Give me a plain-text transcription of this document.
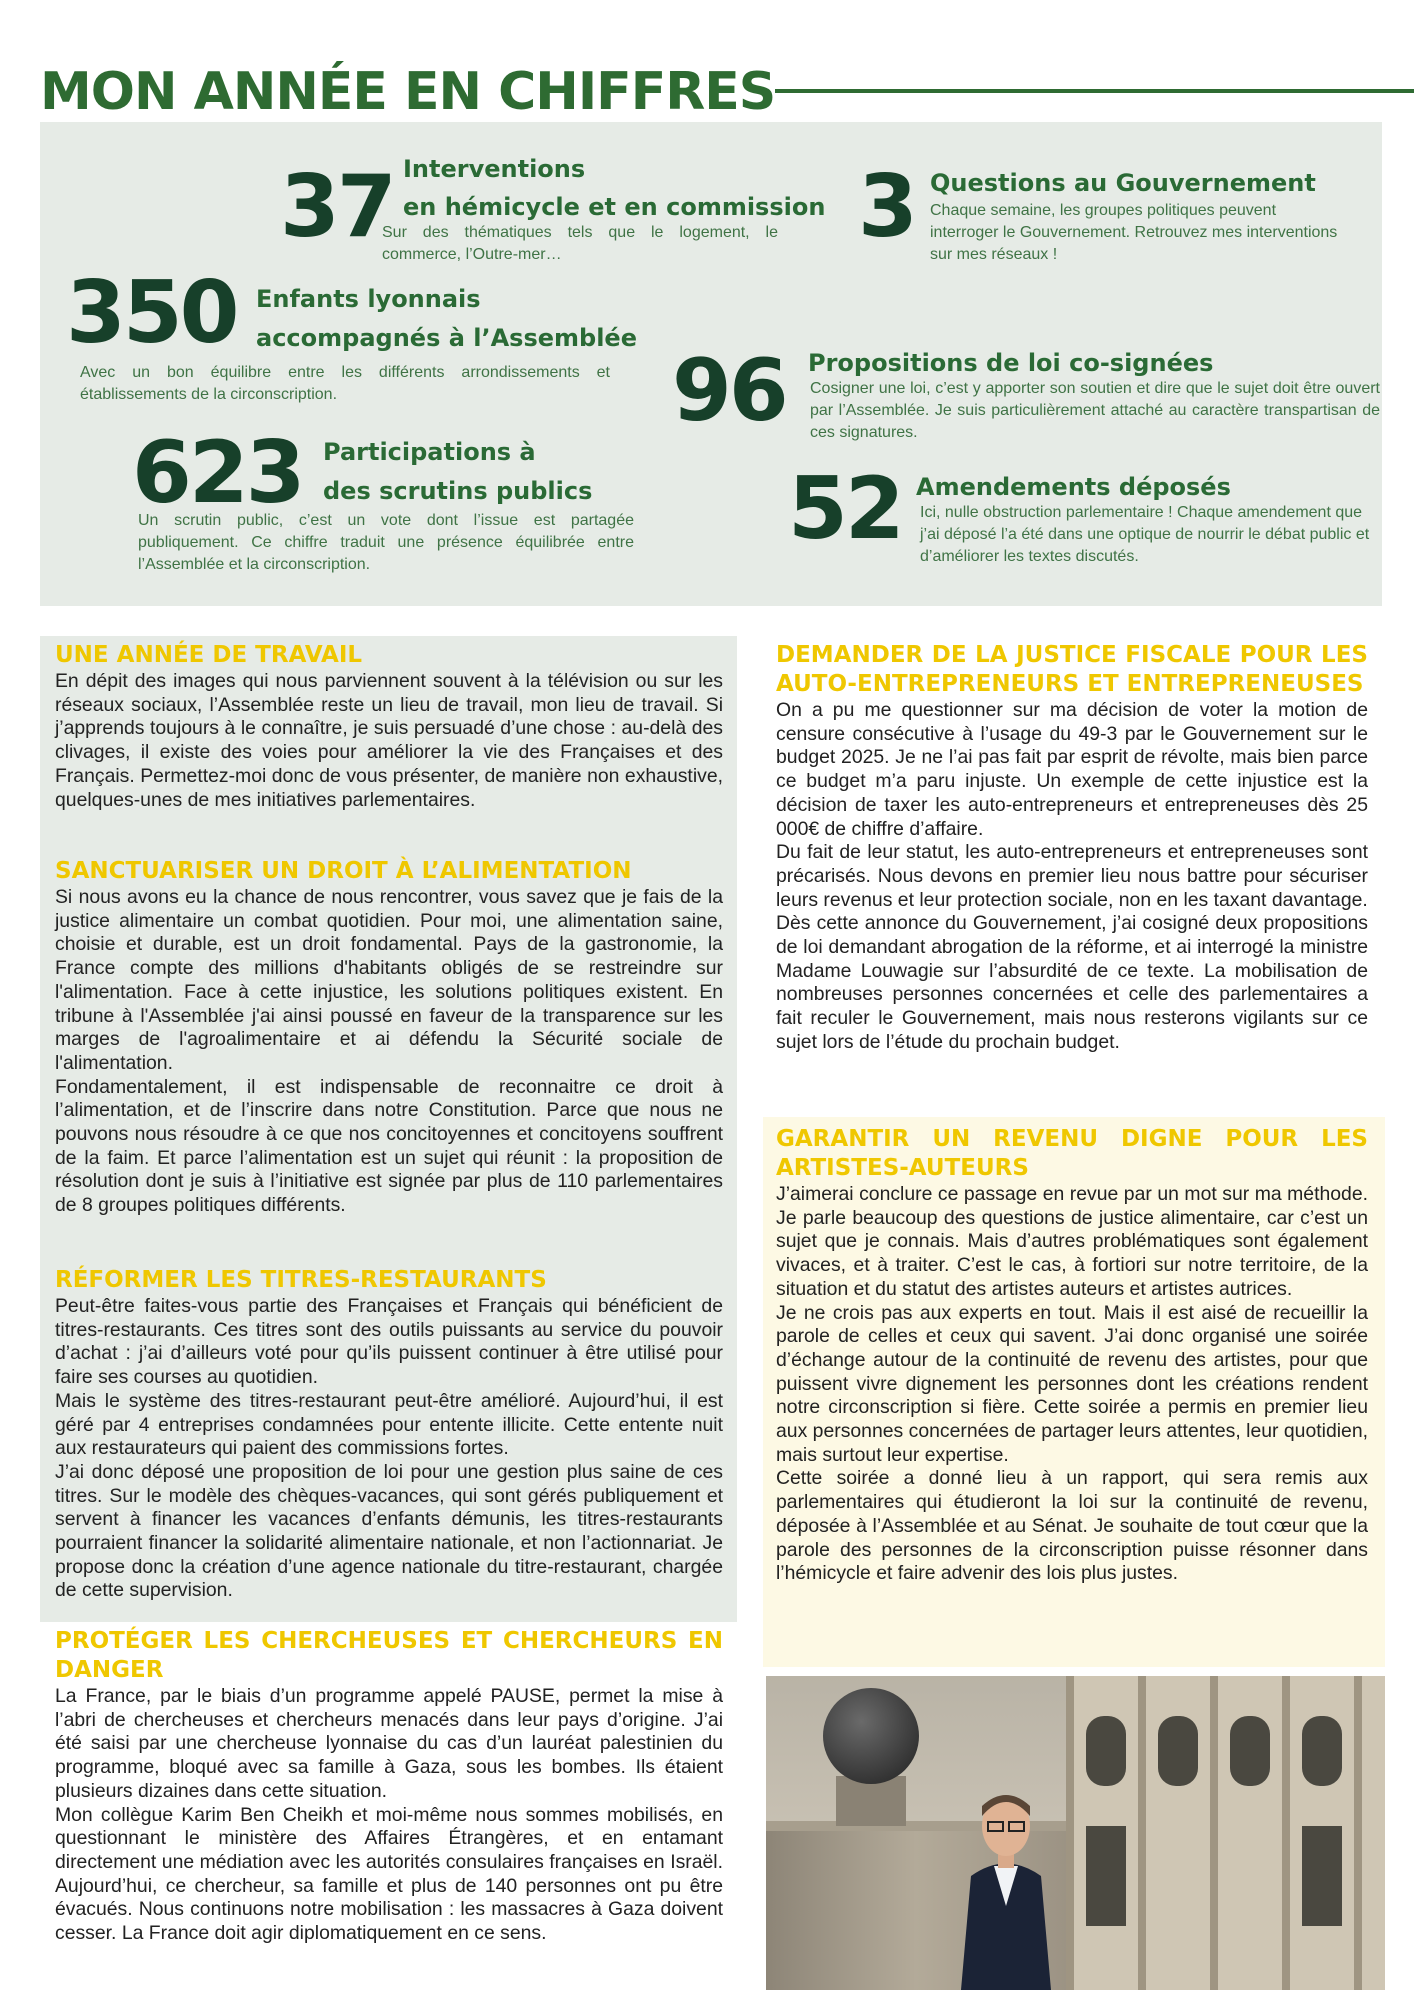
MON ANNÉE EN CHIFFRES
37 Interventions
en hémicycle et en commission
Sur des thématiques tels que le logement, le commerce, l’Outre-mer…	3 Questions au Gouvernement
Chaque semaine, les groupes politiques peuvent interroger le Gouvernement. Retrouvez mes interventions sur mes réseaux !
350 Enfants lyonnais
accompagnés à l’Assemblée
Avec un bon équilibre entre les différents arrondissements et établissements de la circonscription.	96 Propositions de loi co-signées
Cosigner une loi, c’est y apporter son soutien et dire que le sujet doit être ouvert par l’Assemblée. Je suis particulièrement attaché au caractère transpartisan de ces signatures.
623 Participations à
des scrutins publics
Un scrutin public, c’est un vote dont l’issue est partagée publiquement. Ce chiffre traduit une présence équilibrée entre l’Assemblée et la circonscription.
52 Amendements déposés
Ici, nulle obstruction parlementaire ! Chaque amendement que j’ai déposé l’a été dans une optique de nourrir le débat public et d’améliorer les textes discutés.
UNE ANNÉE DE TRAVAIL

En dépit des images qui nous parviennent souvent à la télévision ou sur les réseaux sociaux, l’Assemblée reste un lieu de travail, mon lieu de travail. Si j’apprends toujours à le connaître, je suis persuadé d’une chose : au-delà des clivages, il existe des voies pour améliorer la vie des Françaises et des Français. Permettez-moi donc de vous présenter, de manière non exhaustive, quelques-unes de mes initiatives parlementaires.

SANCTUARISER UN DROIT À L’ALIMENTATION

Si nous avons eu la chance de nous rencontrer, vous savez que je fais de la justice alimentaire un combat quotidien. Pour moi, une alimentation saine, choisie et durable, est un droit fondamental. Pays de la gastronomie, la France compte des millions d'habitants obligés de se restreindre sur l'alimentation. Face à cette injustice, les solutions politiques existent. En tribune à l'Assemblée j'ai ainsi poussé en faveur de la transparence sur les marges de l'agroalimentaire et ai défendu la Sécurité sociale de l'alimentation.

Fondamentalement, il est indispensable de reconnaitre ce droit à l’alimentation, et de l’inscrire dans notre Constitution. Parce que nous ne pouvons nous résoudre à ce que nos concitoyennes et concitoyens souffrent de la faim. Et parce l’alimentation est un sujet qui réunit : la proposition de résolution dont je suis à l’initiative est signée par plus de 110 parlementaires de 8 groupes politiques différents.

RÉFORMER LES TITRES-RESTAURANTS

Peut-être faites-vous partie des Françaises et Français qui bénéficient de titres-restaurants. Ces titres sont des outils puissants au service du pouvoir d’achat : j’ai d’ailleurs voté pour qu’ils puissent continuer à être utilisé pour faire ses courses au quotidien.

Mais le système des titres-restaurant peut-être amélioré. Aujourd’hui, il est géré par 4 entreprises condamnées pour entente illicite. Cette entente nuit aux restaurateurs qui paient des commissions fortes.

J’ai donc déposé une proposition de loi pour une gestion plus saine de ces titres. Sur le modèle des chèques-vacances, qui sont gérés publiquement et servent à financer les vacances d’enfants démunis, les titres-restaurants pourraient financer la solidarité alimentaire nationale, et non l’actionnariat. Je propose donc la création d’une agence nationale du titre-restaurant, chargée de cette supervision.

PROTÉGER LES CHERCHEUSES ET CHERCHEURS EN DANGER

La France, par le biais d’un programme appelé PAUSE, permet la mise à l’abri de chercheuses et chercheurs menacés dans leur pays d’origine. J’ai été saisi par une chercheuse lyonnaise du cas d’un lauréat palestinien du programme, bloqué avec sa famille à Gaza, sous les bombes. Ils étaient plusieurs dizaines dans cette situation.

Mon collègue Karim Ben Cheikh et moi-même nous sommes mobilisés, en questionnant le ministère des Affaires Étrangères, et en entamant directement une médiation avec les autorités consulaires françaises en Israël. Aujourd’hui, ce chercheur, sa famille et plus de 140 personnes ont pu être évacués. Nous continuons notre mobilisation : les massacres à Gaza doivent cesser. La France doit agir diplomatiquement en ce sens.

DEMANDER DE LA JUSTICE FISCALE POUR LES AUTO-ENTREPRENEURS ET ENTREPRENEUSES

On a pu me questionner sur ma décision de voter la motion de censure consécutive à l’usage du 49-3 par le Gouvernement sur le budget 2025. Je ne l’ai pas fait par esprit de révolte, mais bien parce ce budget m’a paru injuste. Un exemple de cette injustice est la décision de taxer les auto-entrepreneurs et entrepreneuses dès 25 000€ de chiffre d’affaire.

Du fait de leur statut, les auto-entrepreneurs et entrepreneuses sont précarisés. Nous devons en premier lieu nous battre pour sécuriser leurs revenus et leur protection sociale, non en les taxant davantage.

Dès cette annonce du Gouvernement, j’ai cosigné deux propositions de loi demandant abrogation de la réforme, et ai interrogé la ministre Madame Louwagie sur l’absurdité de ce texte. La mobilisation de nombreuses personnes concernées et celle des parlementaires a fait reculer le Gouvernement, mais nous resterons vigilants sur ce sujet lors de l’étude du prochain budget.

GARANTIR UN REVENU DIGNE POUR LES ARTISTES-AUTEURS

J’aimerai conclure ce passage en revue par un mot sur ma méthode. Je parle beaucoup des questions de justice alimentaire, car c’est un sujet que je connais. Mais d’autres problématiques sont également vivaces, et à traiter. C’est le cas, à fortiori sur notre territoire, de la situation et du statut des artistes auteurs et artistes autrices.

Je ne crois pas aux experts en tout. Mais il est aisé de recueillir la parole de celles et ceux qui savent. J’ai donc organisé une soirée d’échange autour de la continuité de revenu des artistes, pour que puissent vivre dignement les personnes dont les créations rendent notre circonscription si fière. Cette soirée a permis en premier lieu aux personnes concernées de partager leurs attentes, leur quotidien, mais surtout leur expertise.

Cette soirée a donné lieu à un rapport, qui sera remis aux parlementaires qui étudieront la loi sur la continuité de revenu, déposée à l’Assemblée et au Sénat. Je souhaite de tout cœur que la parole des personnes de la circonscription puisse résonner dans l’hémicycle et faire advenir des lois plus justes.
